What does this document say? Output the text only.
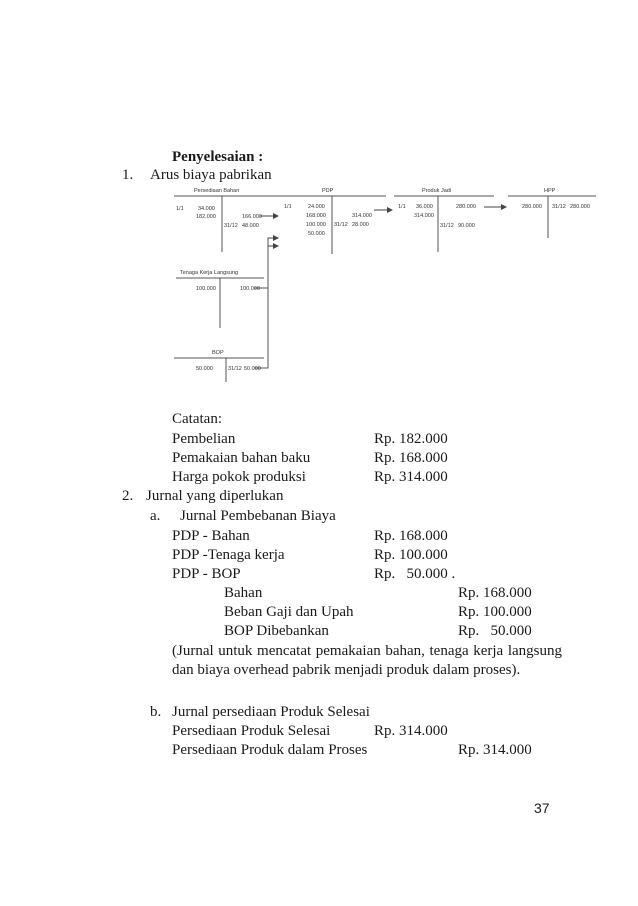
Penyelesaian :
1. Arus biaya pabrikan
Persediaan Bahan
1/1	34.000
182.000	166.000
31/12 48.000
PDP
1/1	24.000
168.000
100.000
50.000
314.000
31/12 28.000
Produk Jadi
1/1 36.000
314.000
280.000
31/12 90.000
HPP
280.000 31/12 280.000
Tenaga Kerja Langsung
100.000	100.000
BOP
50.000	31/12 50.000
Catatan:
Pembelian	Rp. 182.000
Pemakaian bahan baku	Rp. 168.000
Harga pokok produksi	Rp. 314.000
2. Jurnal yang diperlukan
a. Jurnal Pembebanan Biaya
PDP - Bahan	Rp. 168.000
PDP -Tenaga kerja	Rp. 100.000
PDP - BOP	Rp.   50.000 .
Bahan	Rp. 168.000
Beban Gaji dan Upah	Rp. 100.000
BOP Dibebankan	Rp.   50.000
(Jurnal untuk mencatat pemakaian bahan, tenaga kerja langsung dan biaya overhead pabrik menjadi produk dalam proses).
b. Jurnal persediaan Produk Selesai
Persediaan Produk Selesai	Rp. 314.000
Persediaan Produk dalam Proses	Rp. 314.000
37
